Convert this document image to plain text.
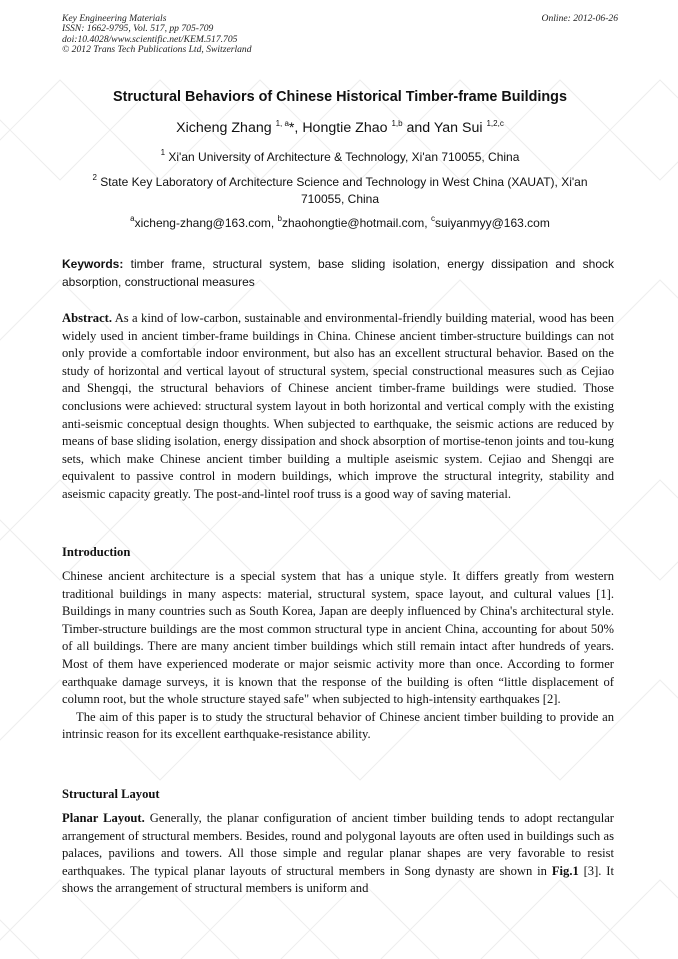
Key Engineering Materials
ISSN: 1662-9795, Vol. 517, pp 705-709
doi:10.4028/www.scientific.net/KEM.517.705
© 2012 Trans Tech Publications Ltd, Switzerland
Online: 2012-06-26
Structural Behaviors of Chinese Historical Timber-frame Buildings
Xicheng Zhang $^{1, a}$*, Hongtie Zhao $^{1,b}$ and Yan Sui $^{1,2,c}$
$^1$ Xi'an University of Architecture & Technology, Xi'an 710055, China
$^2$ State Key Laboratory of Architecture Science and Technology in West China (XAUAT), Xi'an
710055, China
$^a$xicheng-zhang@163.com, $^b$zhaohongtie@hotmail.com, $^c$suiyanmyy@163.com
Keywords: timber frame, structural system, base sliding isolation, energy dissipation and shock absorption, constructional measures
Abstract. As a kind of low-carbon, sustainable and environmental-friendly building material, wood has been widely used in ancient timber-frame buildings in China. Chinese ancient timber-structure buildings can not only provide a comfortable indoor environment, but also has an excellent structural behavior. Based on the study of horizontal and vertical layout of structural system, special constructional measures such as Cejiao and Shengqi, the structural behaviors of Chinese ancient timber-frame buildings were studied. Those conclusions were achieved: structural system layout in both horizontal and vertical comply with the existing anti-seismic conceptual design thoughts. When subjected to earthquake, the seismic actions are reduced by means of base sliding isolation, energy dissipation and shock absorption of mortise-tenon joints and tou-kung sets, which make Chinese ancient timber building a multiple aseismic system. Cejiao and Shengqi are equivalent to passive control in modern buildings, which improve the structural integrity, stability and aseismic capacity greatly. The post-and-lintel roof truss is a good way of saving material.
Introduction
Chinese ancient architecture is a special system that has a unique style. It differs greatly from western traditional buildings in many aspects: material, structural system, space layout, and cultural values [1]. Buildings in many countries such as South Korea, Japan are deeply influenced by China's architectural style. Timber-structure buildings are the most common structural type in ancient China, accounting for about 50% of all buildings. There are many ancient timber buildings which still remain intact after hundreds of years. Most of them have experienced moderate or major seismic activity more than once. According to former earthquake damage surveys, it is known that the response of the building is often “little displacement of column root, but the whole structure stayed safe" when subjected to high-intensity earthquakes [2].
The aim of this paper is to study the structural behavior of Chinese ancient timber building to provide an intrinsic reason for its excellent earthquake-resistance ability.
Structural Layout
Planar Layout. Generally, the planar configuration of ancient timber building tends to adopt rectangular arrangement of structural members. Besides, round and polygonal layouts are often used in buildings such as palaces, pavilions and towers. All those simple and regular planar shapes are very favorable to resist earthquakes. The typical planar layouts of structural members in Song dynasty are shown in Fig.1 [3]. It shows the arrangement of structural members is uniform and
